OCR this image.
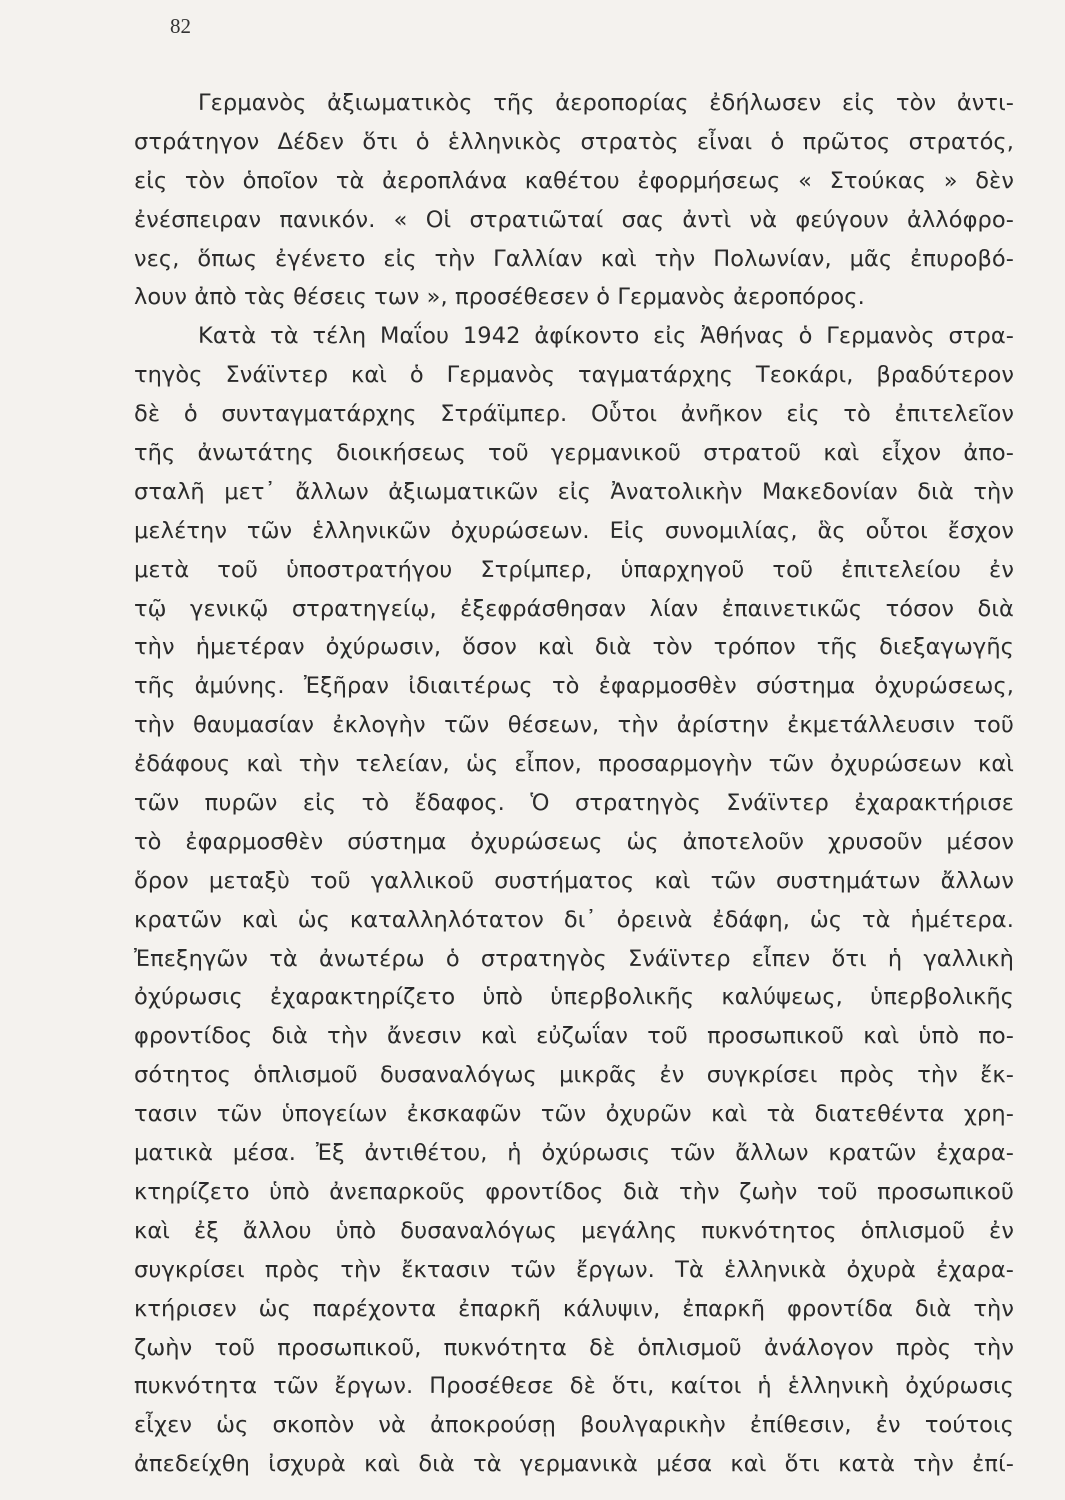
82
Γερμανὸς ἀξιωματικὸς τῆς ἀεροπορίας ἐδήλωσεν εἰς τὸν ἀντι-
στράτηγον Δέδεν ὅτι ὁ ἑλληνικὸς στρατὸς εἶναι ὁ πρῶτος στρατός,
εἰς τὸν ὁποῖον τὰ ἀεροπλάνα καθέτου ἐφορμήσεως « Στούκας » δὲν
ἐνέσπειραν πανικόν. « Οἱ στρατιῶταί σας ἀντὶ νὰ φεύγουν ἀλλόφρο-
νες, ὅπως ἐγένετο εἰς τὴν Γαλλίαν καὶ τὴν Πολωνίαν, μᾶς ἐπυροβό-
λουν ἀπὸ τὰς θέσεις των », προσέθεσεν ὁ Γερμανὸς ἀεροπόρος.
Κατὰ τὰ τέλη Μαΐου 1942 ἀφίκοντο εἰς Ἀθήνας ὁ Γερμανὸς στρα-
τηγὸς Σνάϊντερ καὶ ὁ Γερμανὸς ταγματάρχης Τεοκάρι, βραδύτερον
δὲ ὁ συνταγματάρχης Στράϊμπερ. Οὗτοι ἀνῆκον εἰς τὸ ἐπιτελεῖον
τῆς ἀνωτάτης διοικήσεως τοῦ γερμανικοῦ στρατοῦ καὶ εἶχον ἀπο-
σταλῆ μετ᾽ ἄλλων ἀξιωματικῶν εἰς Ἀνατολικὴν Μακεδονίαν διὰ τὴν
μελέτην τῶν ἑλληνικῶν ὀχυρώσεων. Εἰς συνομιλίας, ἃς οὗτοι ἔσχον
μετὰ τοῦ ὑποστρατήγου Στρίμπερ, ὑπαρχηγοῦ τοῦ ἐπιτελείου ἐν
τῷ γενικῷ στρατηγείῳ, ἐξεφράσθησαν λίαν ἐπαινετικῶς τόσον διὰ
τὴν ἡμετέραν ὀχύρωσιν, ὅσον καὶ διὰ τὸν τρόπον τῆς διεξαγωγῆς
τῆς ἀμύνης. Ἐξῆραν ἰδιαιτέρως τὸ ἐφαρμοσθὲν σύστημα ὀχυρώσεως,
τὴν θαυμασίαν ἐκλογὴν τῶν θέσεων, τὴν ἀρίστην ἐκμετάλλευσιν τοῦ
ἐδάφους καὶ τὴν τελείαν, ὡς εἶπον, προσαρμογὴν τῶν ὀχυρώσεων καὶ
τῶν πυρῶν εἰς τὸ ἔδαφος. Ὁ στρατηγὸς Σνάϊντερ ἐχαρακτήρισε
τὸ ἐφαρμοσθὲν σύστημα ὀχυρώσεως ὡς ἀποτελοῦν χρυσοῦν μέσον
ὅρον μεταξὺ τοῦ γαλλικοῦ συστήματος καὶ τῶν συστημάτων ἄλλων
κρατῶν καὶ ὡς καταλληλότατον δι᾽ ὀρεινὰ ἐδάφη, ὡς τὰ ἡμέτερα.
Ἐπεξηγῶν τὰ ἀνωτέρω ὁ στρατηγὸς Σνάϊντερ εἶπεν ὅτι ἡ γαλλικὴ
ὀχύρωσις ἐχαρακτηρίζετο ὑπὸ ὑπερβολικῆς καλύψεως, ὑπερβολικῆς
φροντίδος διὰ τὴν ἄνεσιν καὶ εὐζωΐαν τοῦ προσωπικοῦ καὶ ὑπὸ πο-
σότητος ὁπλισμοῦ δυσαναλόγως μικρᾶς ἐν συγκρίσει πρὸς τὴν ἔκ-
τασιν τῶν ὑπογείων ἐκσκαφῶν τῶν ὀχυρῶν καὶ τὰ διατεθέντα χρη-
ματικὰ μέσα. Ἐξ ἀντιθέτου, ἡ ὀχύρωσις τῶν ἄλλων κρατῶν ἐχαρα-
κτηρίζετο ὑπὸ ἀνεπαρκοῦς φροντίδος διὰ τὴν ζωὴν τοῦ προσωπικοῦ
καὶ ἐξ ἄλλου ὑπὸ δυσαναλόγως μεγάλης πυκνότητος ὁπλισμοῦ ἐν
συγκρίσει πρὸς τὴν ἔκτασιν τῶν ἔργων. Τὰ ἑλληνικὰ ὀχυρὰ ἐχαρα-
κτήρισεν ὡς παρέχοντα ἐπαρκῆ κάλυψιν, ἐπαρκῆ φροντίδα διὰ τὴν
ζωὴν τοῦ προσωπικοῦ, πυκνότητα δὲ ὁπλισμοῦ ἀνάλογον πρὸς τὴν
πυκνότητα τῶν ἔργων. Προσέθεσε δὲ ὅτι, καίτοι ἡ ἑλληνικὴ ὀχύρωσις
εἶχεν ὡς σκοπὸν νὰ ἀποκρούσῃ βουλγαρικὴν ἐπίθεσιν, ἐν τούτοις
ἀπεδείχθη ἰσχυρὰ καὶ διὰ τὰ γερμανικὰ μέσα καὶ ὅτι κατὰ τὴν ἐπί-
